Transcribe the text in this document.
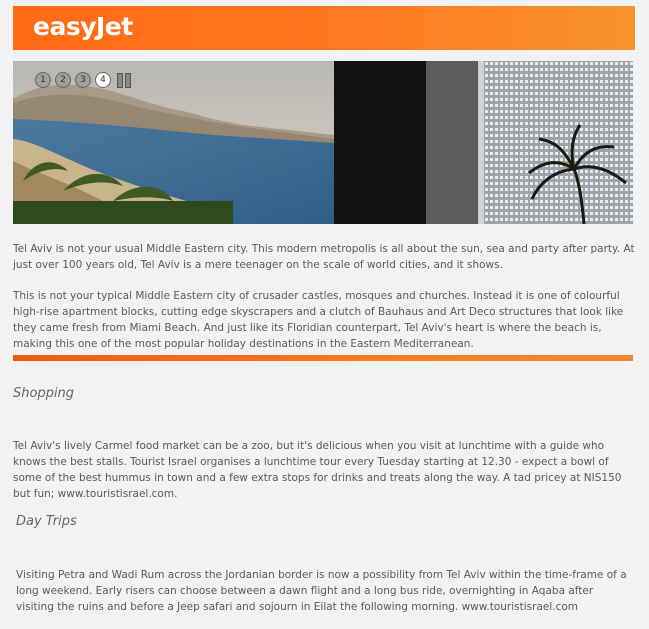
easyJet
1	2	3	4
Tel Aviv is not your usual Middle Eastern city. This modern metropolis is all about the sun, sea and party after party. At just over 100 years old, Tel Aviv is a mere teenager on the scale of world cities, and it shows.
This is not your typical Middle Eastern city of crusader castles, mosques and churches. Instead it is one of colourful high-rise apartment blocks, cutting edge skyscrapers and a clutch of Bauhaus and Art Deco structures that look like they came fresh from Miami Beach. And just like its Floridian counterpart, Tel Aviv's heart is where the beach is, making this one of the most popular holiday destinations in the Eastern Mediterranean.
Shopping
Tel Aviv's lively Carmel food market can be a zoo, but it's delicious when you visit at lunchtime with a guide who knows the best stalls. Tourist Israel organises a lunchtime tour every Tuesday starting at 12.30 - expect a bowl of some of the best hummus in town and a few extra stops for drinks and treats along the way. A tad pricey at NIS150 but fun; www.touristisrael.com.
Day Trips
Visiting Petra and Wadi Rum across the Jordanian border is now a possibility from Tel Aviv within the time-frame of a long weekend. Early risers can choose between a dawn flight and a long bus ride, overnighting in Aqaba after visiting the ruins and before a Jeep safari and sojourn in Eilat the following morning. www.touristisrael.com
